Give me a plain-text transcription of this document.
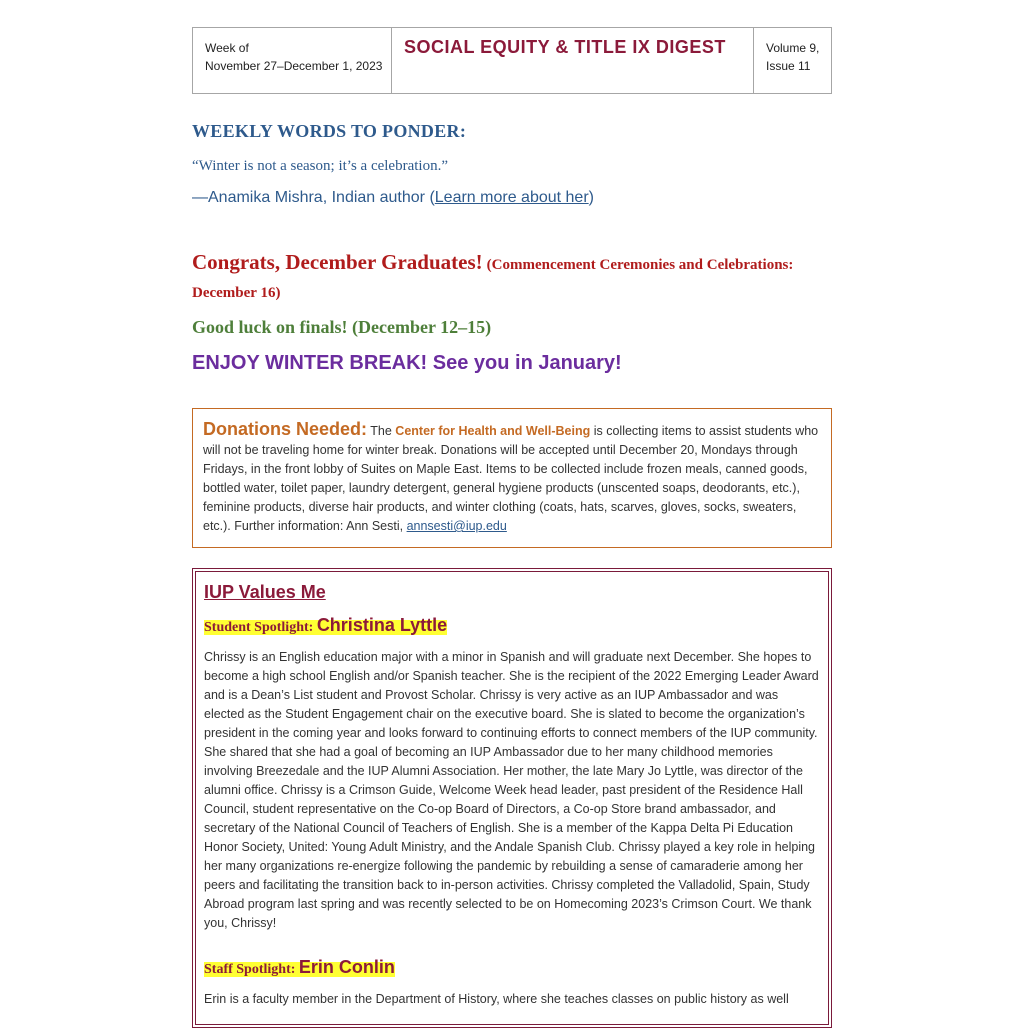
Week of
November 27–December 1, 2023
SOCIAL EQUITY & TITLE IX DIGEST	Volume 9,
Issue 11
WEEKLY WORDS TO PONDER:
“Winter is not a season; it’s a celebration.”
—Anamika Mishra, Indian author (Learn more about her)
Congrats, December Graduates! (Commencement Ceremonies and Celebrations: December 16)
Good luck on finals! (December 12–15)
ENJOY WINTER BREAK! See you in January!
Donations Needed: The Center for Health and Well-Being is collecting items to assist students who will not be traveling home for winter break. Donations will be accepted until December 20, Mondays through Fridays, in the front lobby of Suites on Maple East. Items to be collected include frozen meals, canned goods, bottled water, toilet paper, laundry detergent, general hygiene products (unscented soaps, deodorants, etc.), feminine products, diverse hair products, and winter clothing (coats, hats, scarves, gloves, socks, sweaters, etc.). Further information: Ann Sesti, annsesti@iup.edu
IUP Values Me
Student Spotlight: Christina Lyttle
Chrissy is an English education major with a minor in Spanish and will graduate next December. She hopes to become a high school English and/or Spanish teacher. She is the recipient of the 2022 Emerging Leader Award and is a Dean’s List student and Provost Scholar. Chrissy is very active as an IUP Ambassador and was elected as the Student Engagement chair on the executive board. She is slated to become the organization’s president in the coming year and looks forward to continuing efforts to connect members of the IUP community. She shared that she had a goal of becoming an IUP Ambassador due to her many childhood memories involving Breezedale and the IUP Alumni Association. Her mother, the late Mary Jo Lyttle, was director of the alumni office. Chrissy is a Crimson Guide, Welcome Week head leader, past president of the Residence Hall Council, student representative on the Co-op Board of Directors, a Co-op Store brand ambassador, and secretary of the National Council of Teachers of English. She is a member of the Kappa Delta Pi Education Honor Society, United: Young Adult Ministry, and the Andale Spanish Club. Chrissy played a key role in helping her many organizations re-energize following the pandemic by rebuilding a sense of camaraderie among her peers and facilitating the transition back to in-person activities. Chrissy completed the Valladolid, Spain, Study Abroad program last spring and was recently selected to be on Homecoming 2023’s Crimson Court. We thank you, Chrissy!
Staff Spotlight: Erin Conlin
Erin is a faculty member in the Department of History, where she teaches classes on public history as well
